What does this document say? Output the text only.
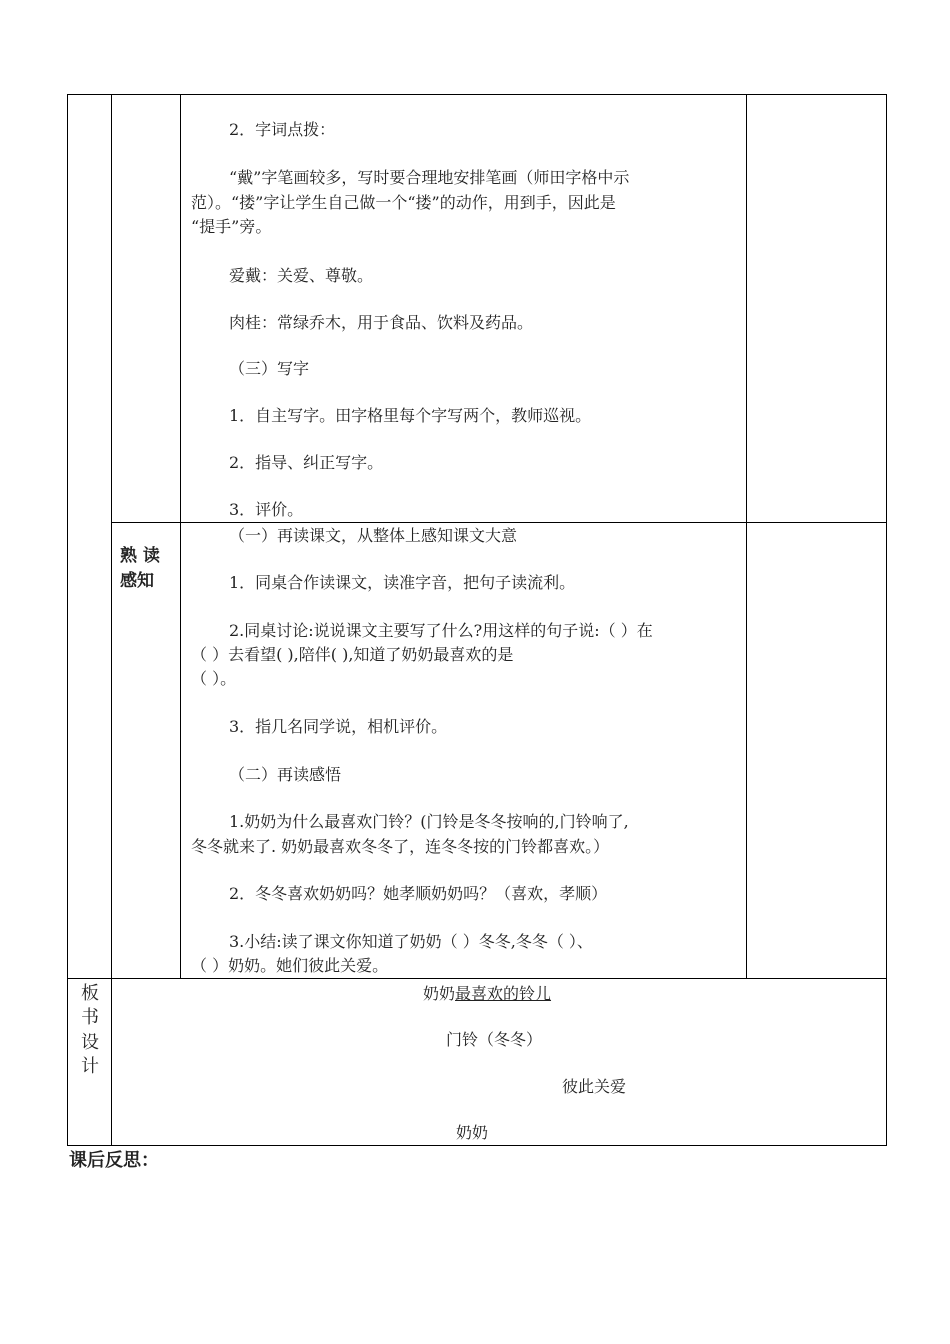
2．字词点拨：
“戴”字笔画较多，写时要合理地安排笔画（师田字格中示
范）。“搂”字让学生自己做一个“搂”的动作，用到手，因此是
“提手”旁。
爱戴：关爱、尊敬。
肉桂：常绿乔木，用于食品、饮料及药品。
（三）写字
1．自主写字。田字格里每个字写两个，教师巡视。
2．指导、纠正写字。
3．评价。
熟 读
感知
（一）再读课文，从整体上感知课文大意
1．同桌合作读课文，读准字音，把句子读流利。
2.同桌讨论:说说课文主要写了什么?用这样的句子说:（ ）在
（ ）去看望( ),陪伴( ),知道了奶奶最喜欢的是
（ ）。
3．指几名同学说，相机评价。
（二）再读感悟
1.奶奶为什么最喜欢门铃？(门铃是冬冬按响的,门铃响了,
冬冬就来了. 奶奶最喜欢冬冬了，连冬冬按的门铃都喜欢。）
2．冬冬喜欢奶奶吗？她孝顺奶奶吗？（喜欢，孝顺）
3.小结:读了课文你知道了奶奶（ ）冬冬,冬冬（ ）、
（ ）奶奶。她们彼此关爱。
板
书
设
计
奶奶最喜欢的铃儿
门铃（冬冬）
彼此关爱
奶奶
课后反思：
